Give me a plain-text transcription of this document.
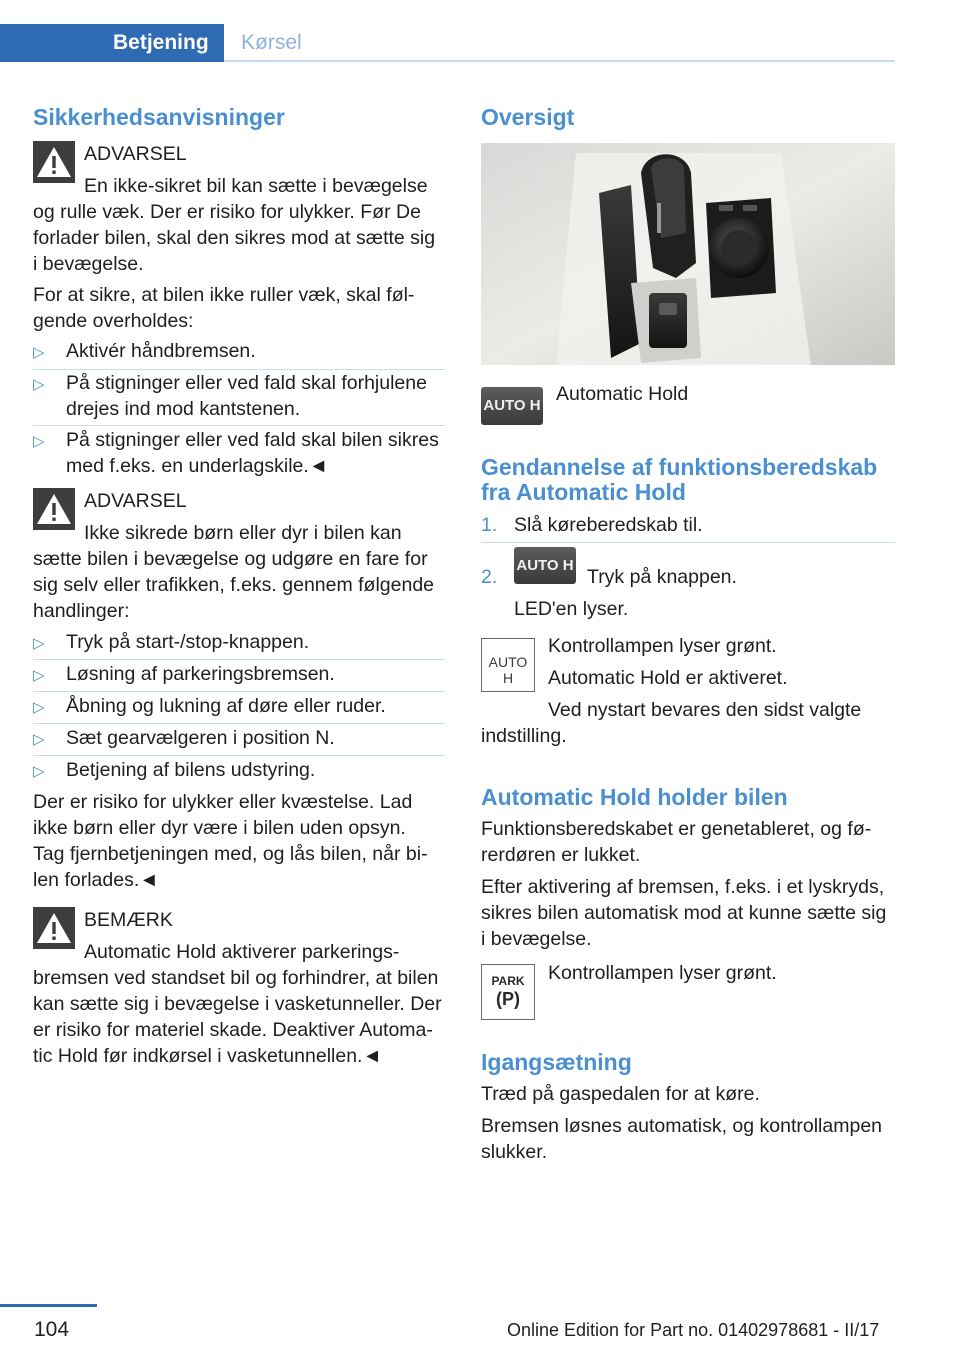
Betjening Kørsel
Sikkerhedsanvisninger
ADVARSEL
En ikke-sikret bil kan sætte i bevægelse
og rulle væk. Der er risiko for ulykker. Før De
forlader bilen, skal den sikres mod at sætte sig
i bevægelse.
For at sikre, at bilen ikke ruller væk, skal føl-
gende overholdes:
▷ Aktivér håndbremsen.
▷ På stigninger eller ved fald skal forhjulene
drejes ind mod kantstenen.
▷ På stigninger eller ved fald skal bilen sikres
med f.eks. en underlagskile.◄
ADVARSEL
Ikke sikrede børn eller dyr i bilen kan
sætte bilen i bevægelse og udgøre en fare for
sig selv eller trafikken, f.eks. gennem følgende
handlinger:
▷ Tryk på start-/stop-knappen.
▷ Løsning af parkeringsbremsen.
▷ Åbning og lukning af døre eller ruder.
▷ Sæt gearvælgeren i position N.
▷ Betjening af bilens udstyring.
Der er risiko for ulykker eller kvæstelse. Lad
ikke børn eller dyr være i bilen uden opsyn.
Tag fjernbetjeningen med, og lås bilen, når bi-
len forlades.◄
BEMÆRK
Automatic Hold aktiverer parkerings-
bremsen ved standset bil og forhindrer, at bilen
kan sætte sig i bevægelse i vasketunneller. Der
er risiko for materiel skade. Deaktiver Automa-
tic Hold før indkørsel i vasketunnellen.◄
Oversigt
AUTO H
Automatic Hold
Gendannelse af funktionsberedskab
fra Automatic Hold
1. Slå køreberedskab til.
2.
AUTO H
Tryk på knappen.
LED'en lyser.
AUTO H
Kontrollampen lyser grønt.
Automatic Hold er aktiveret.
Ved nystart bevares den sidst valgte
indstilling.
Automatic Hold holder bilen
Funktionsberedskabet er genetableret, og fø-
rerdøren er lukket.
Efter aktivering af bremsen, f.eks. i et lyskryds,
sikres bilen automatisk mod at kunne sætte sig
i bevægelse.
PARK
(P)
Kontrollampen lyser grønt.
Igangsætning
Træd på gaspedalen for at køre.
Bremsen løsnes automatisk, og kontrollampen
slukker.
104	Online Edition for Part no. 01402978681 - II/17
